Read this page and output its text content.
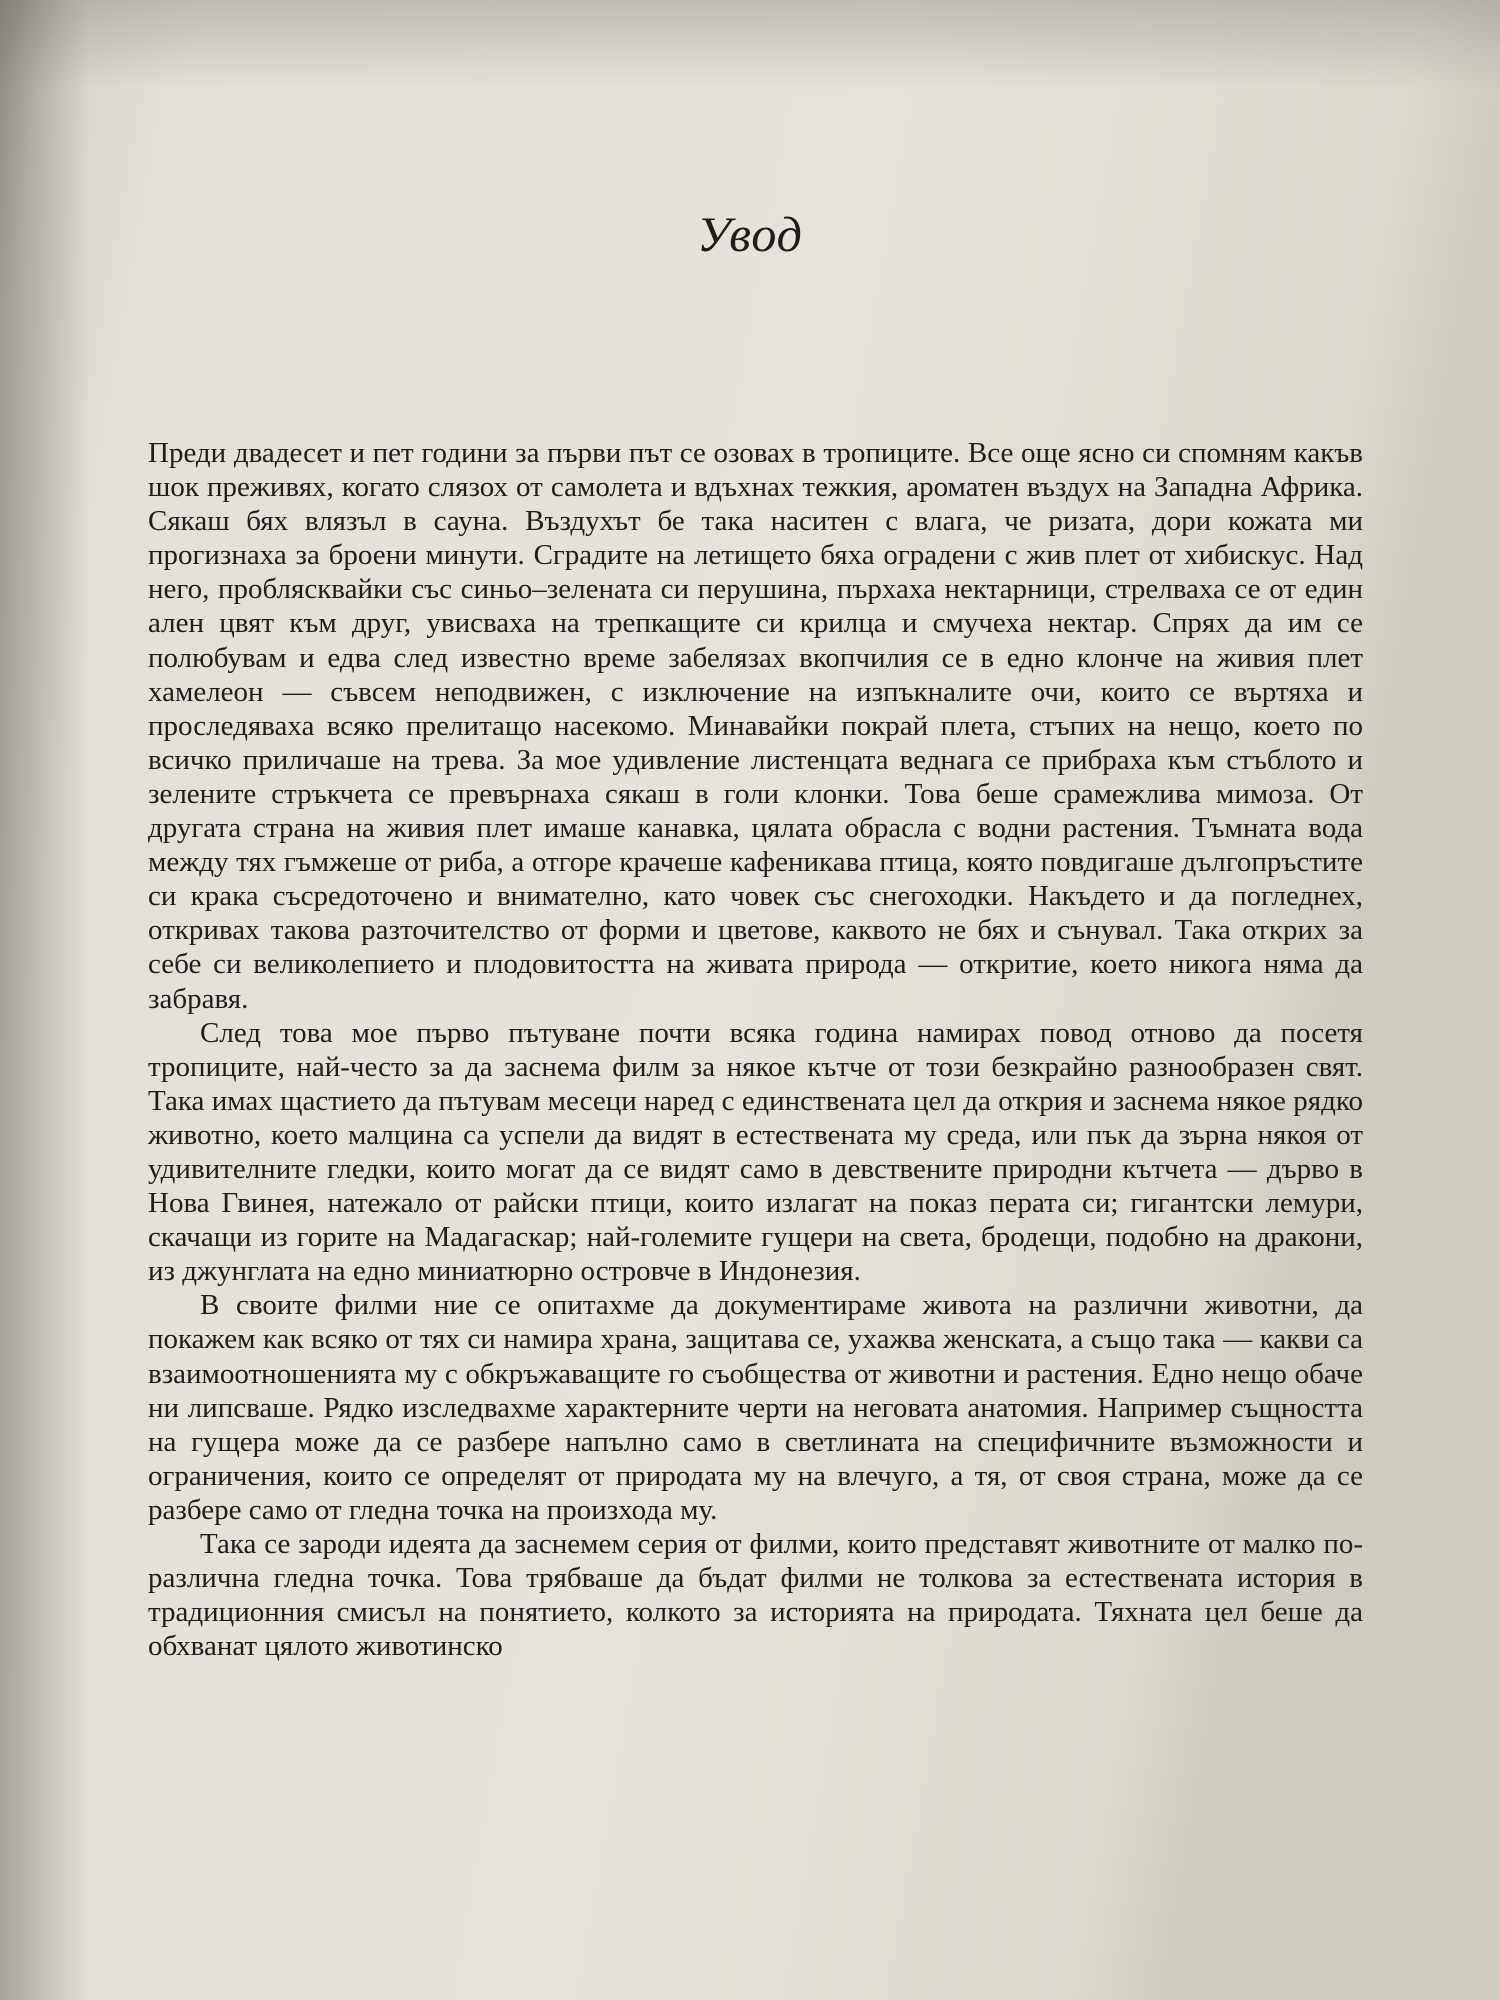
Увод

Преди двадесет и пет години за първи път се озовах в тропиците. Все още ясно си спомням какъв шок преживях, когато слязох от самолета и вдъхнах тежкия, ароматен въздух на Западна Африка. Сякаш бях влязъл в сауна. Въздухът бе така наситен с влага, че ризата, дори кожата ми прогизнаха за броени минути. Сградите на летището бяха оградени с жив плет от хибискус. Над него, проблясквайки със синьо–зелената си перушина, пърхаха нектарници, стрелваха се от един ален цвят към друг, увисваха на трепкащите си крилца и смучеха нектар. Спрях да им се полюбувам и едва след известно време забелязах вкопчилия се в едно клонче на живия плет хамелеон — съвсем неподвижен, с изключение на изпъкналите очи, които се въртяха и проследяваха всяко прелитащо насекомо. Минавайки покрай плета, стъпих на нещо, което по всичко приличаше на трева. За мое удивление листенцата веднага се прибраха към стъблото и зелените стръкчета се превърнаха сякаш в голи клонки. Това беше срамежлива мимоза. От другата страна на живия плет имаше канавка, цялата обрасла с водни растения. Тъмната вода между тях гъмжеше от риба, а отгоре крачеше кафеникава птица, която повдигаше дългопръстите си крака съсредоточено и внимателно, като човек със снегоходки. Накъдето и да погледнех, откривах такова разточителство от форми и цветове, каквото не бях и сънувал. Така открих за себе си великолепието и плодовитостта на живата природа — откритие, което никога няма да забравя.

След това мое първо пътуване почти всяка година намирах повод отново да посетя тропиците, най-често за да заснема филм за някое кътче от този безкрайно разнообразен свят. Така имах щастието да пътувам месеци наред с единствената цел да открия и заснема някое рядко животно, което малцина са успели да видят в естествената му среда, или пък да зърна някоя от удивителните гледки, които могат да се видят само в девствените природни кътчета — дърво в Нова Гвинея, натежало от райски птици, които излагат на показ перата си; гигантски лемури, скачащи из горите на Мадагаскар; най-големите гущери на света, бродещи, подобно на дракони, из джунглата на едно миниатюрно островче в Индонезия.

В своите филми ние се опитахме да документираме живота на различни животни, да покажем как всяко от тях си намира храна, защитава се, ухажва женската, а също така — какви са взаимоотношенията му с обкръжаващите го съобщества от животни и растения. Едно нещо обаче ни липсваше. Рядко изследвахме характерните черти на неговата анатомия. Например същността на гущера може да се разбере напълно само в светлината на специфичните възможности и ограничения, които се определят от природата му на влечуго, а тя, от своя страна, може да се разбере само от гледна точка на произхода му.

Така се зароди идеята да заснемем серия от филми, които представят животните от малко по-различна гледна точка. Това трябваше да бъдат филми не толкова за естествената история в традиционния смисъл на понятието, колкото за историята на природата. Тяхната цел беше да обхванат цялото животинско
